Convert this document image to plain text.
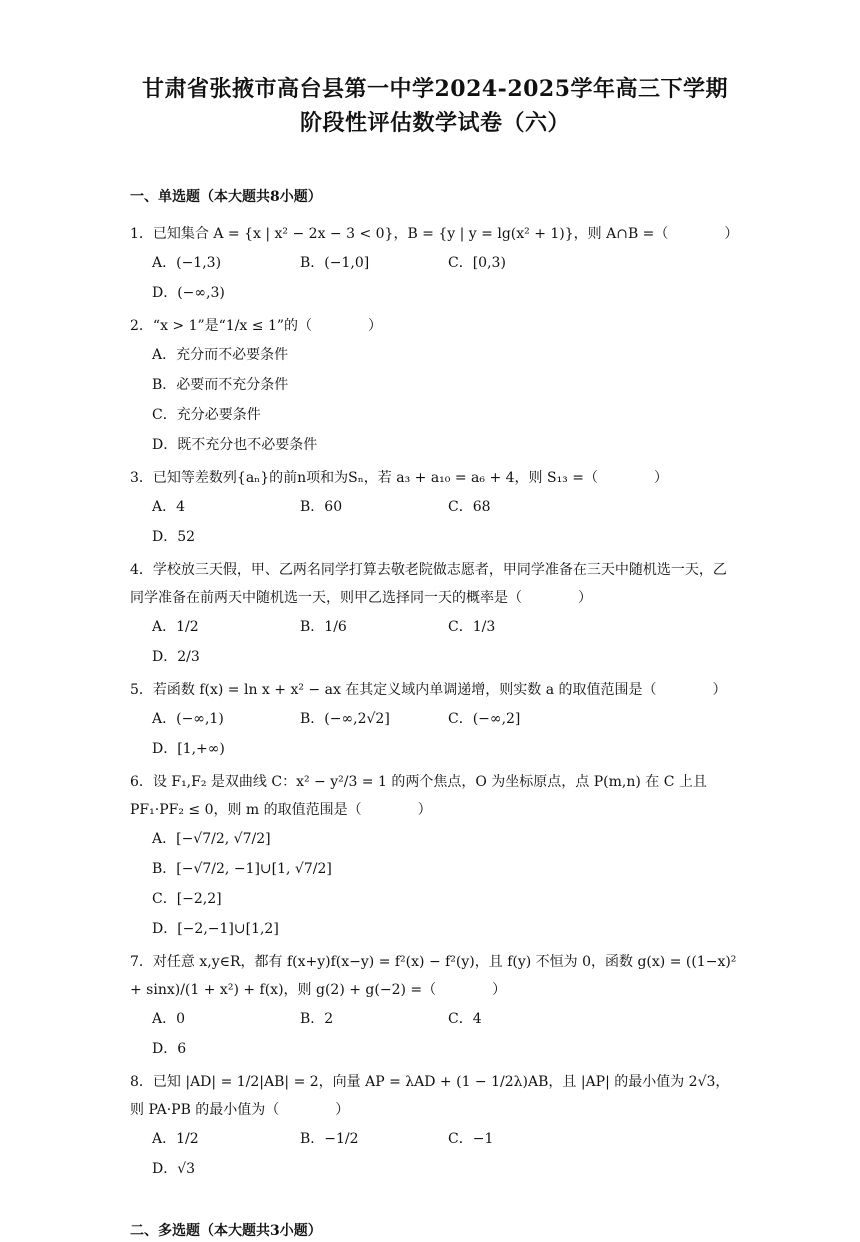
甘肃省张掖市高台县第一中学2024-2025学年高三下学期

阶段性评估数学试卷（六）

一、单选题（本大题共8小题）

1．已知集合 A = {x | x² − 2x − 3 < 0}，B = {y | y = lg(x² + 1)}，则 A∩B =（　　　　）
A．(−1,3)	B．(−1,0]	C．[0,3)
D．(−∞,3)
2．“x > 1”是“1/x ≤ 1”的（　　　　）
A．充分而不必要条件
B．必要而不充分条件
C．充分必要条件
D．既不充分也不必要条件
3．已知等差数列{aₙ}的前n项和为Sₙ，若 a₃ + a₁₀ = a₆ + 4，则 S₁₃ =（　　　　）
A．4	B．60	C．68
D．52
4．学校放三天假，甲、乙两名同学打算去敬老院做志愿者，甲同学准备在三天中随机选一天，乙同学准备在前两天中随机选一天，则甲乙选择同一天的概率是（　　　　）
A．1/2	B．1/6	C．1/3
D．2/3
5．若函数 f(x) = ln x + x² − ax 在其定义域内单调递增，则实数 a 的取值范围是（　　　　）
A．(−∞,1)	B．(−∞,2√2]	C．(−∞,2]
D．[1,+∞)
6．设 F₁,F₂ 是双曲线 C：x² − y²/3 = 1 的两个焦点，O 为坐标原点，点 P(m,n) 在 C 上且 PF₁·PF₂ ≤ 0，则 m 的取值范围是（　　　　）
A．[−√7/2, √7/2]
B．[−√7/2, −1]∪[1, √7/2]
C．[−2,2]
D．[−2,−1]∪[1,2]
7．对任意 x,y∈R，都有 f(x+y)f(x−y) = f²(x) − f²(y)，且 f(y) 不恒为 0，函数 g(x) = ((1−x)² + sinx)/(1 + x²) + f(x)，则 g(2) + g(−2) =（　　　　）
A．0	B．2	C．4
D．6
8．已知 |AD| = 1/2|AB| = 2，向量 AP = λAD + (1 − 1/2λ)AB，且 |AP| 的最小值为 2√3，则 PA·PB 的最小值为（　　　　）
A．1/2	B．−1/2	C．−1
D．√3

二、多选题（本大题共3小题）
